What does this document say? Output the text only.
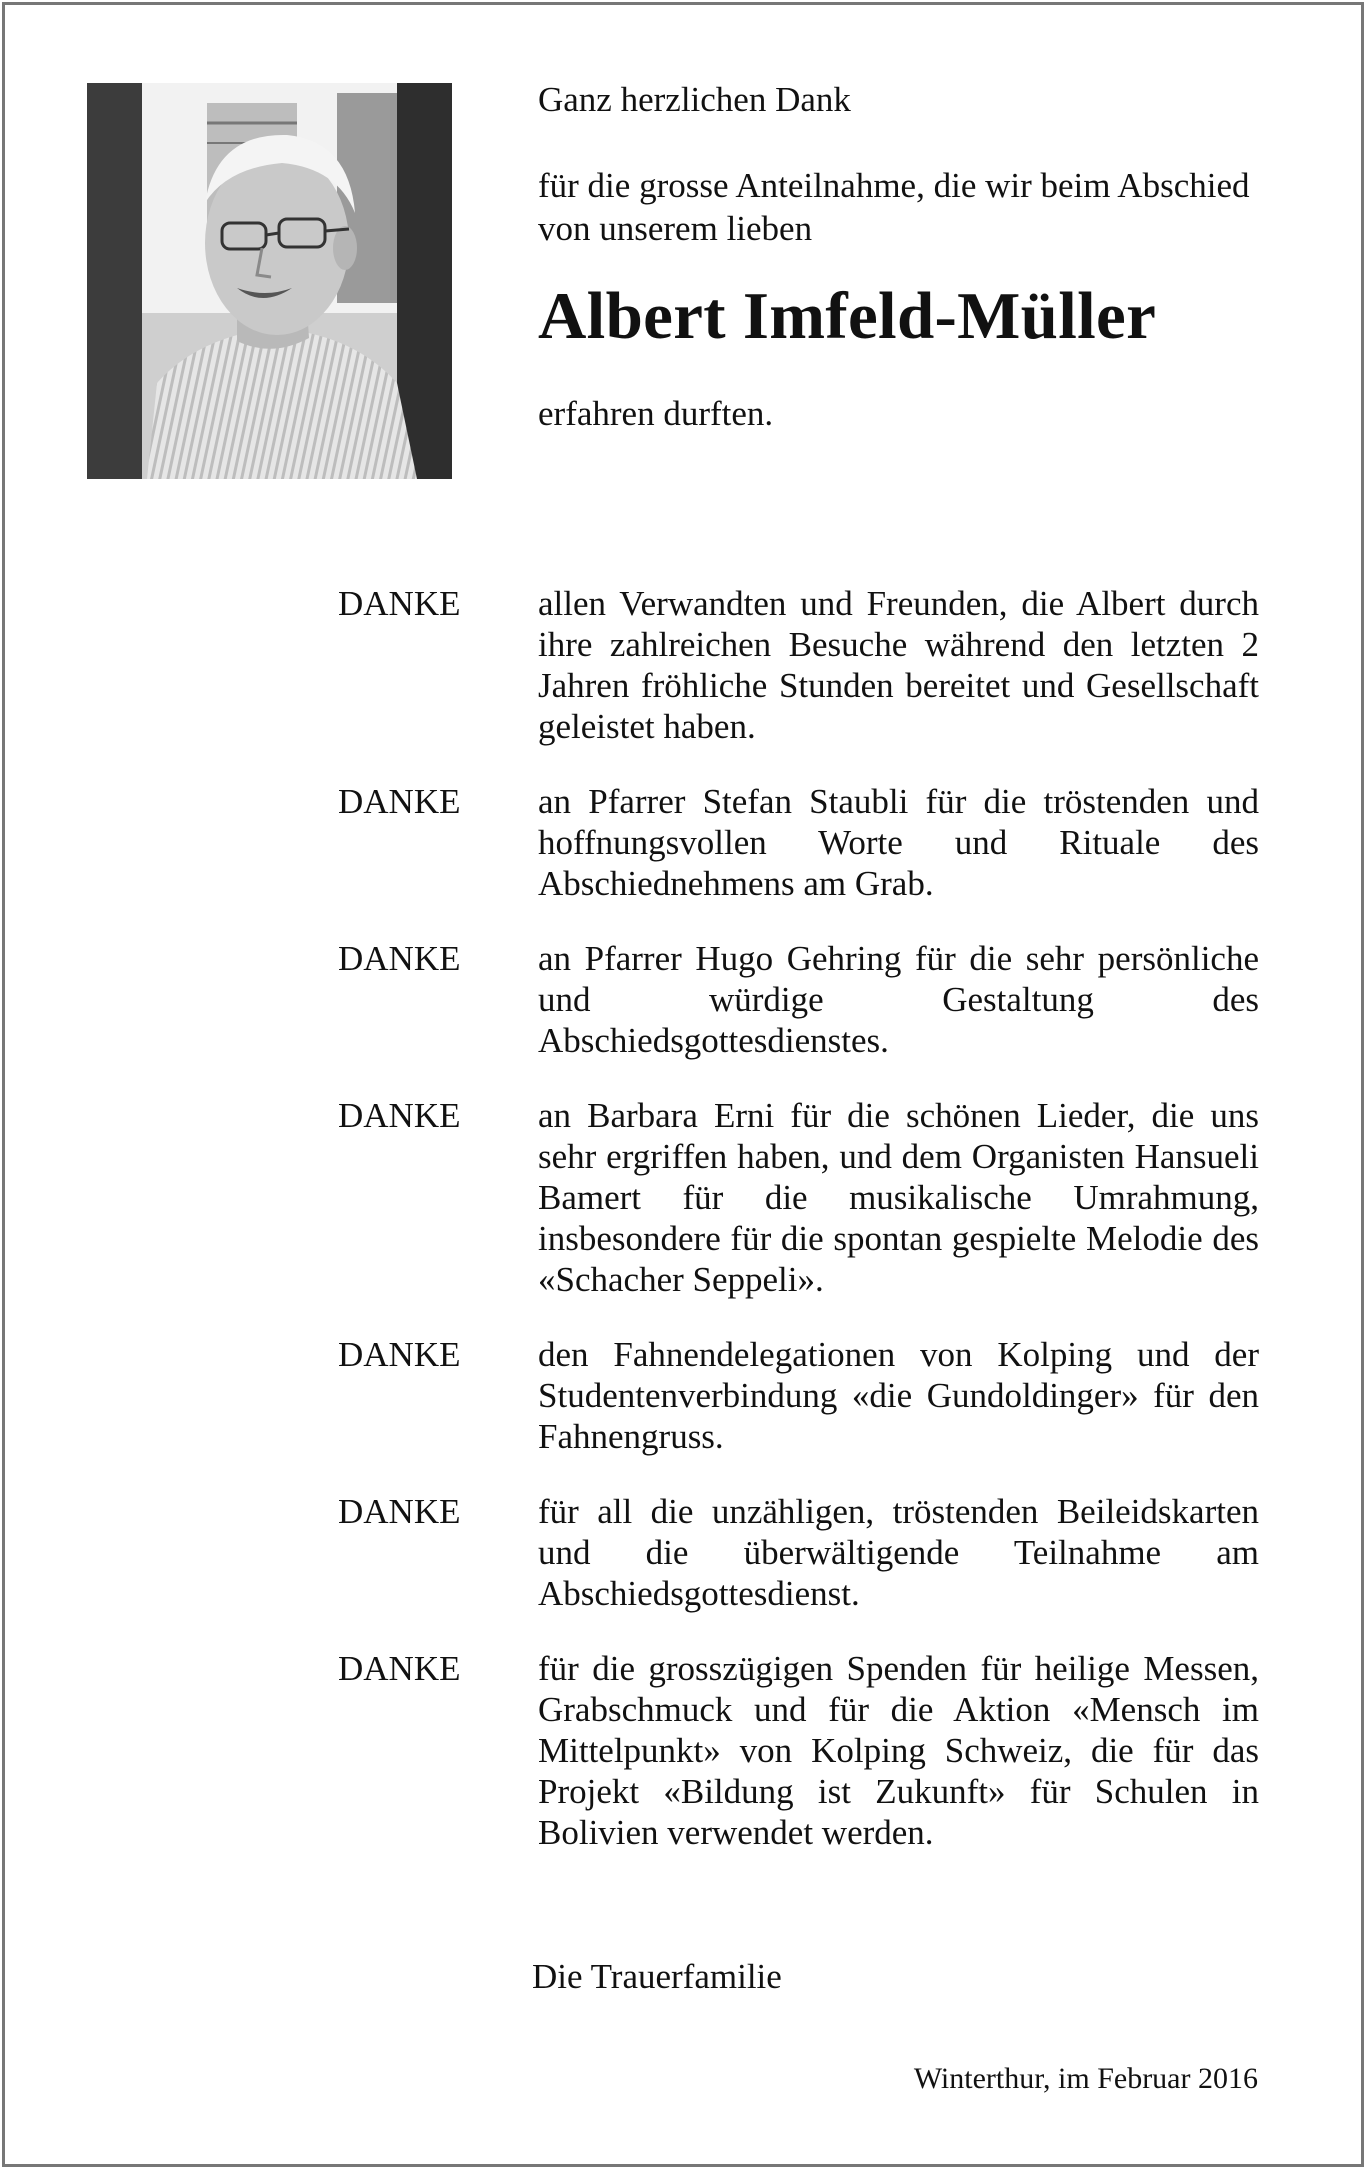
Ganz herzlichen Dank
für die grosse Anteilnahme, die wir beim Abschied von unserem lieben
Albert Imfeld-Müller
erfahren durften.
DANKE	allen Verwandten und Freunden, die Albert durch ihre zahlreichen Besuche während den letzten 2 Jahren fröhliche Stunden bereitet und Gesellschaft geleistet haben.
DANKE	an Pfarrer Stefan Staubli für die tröstenden und hoffnungsvollen Worte und Rituale des Abschiednehmens am Grab.
DANKE	an Pfarrer Hugo Gehring für die sehr persönliche und würdige Gestaltung des Abschiedsgottesdienstes.
DANKE	an Barbara Erni für die schönen Lieder, die uns sehr ergriffen haben, und dem Organisten Hansueli Bamert für die musikalische Umrahmung, insbesondere für die spontan gespielte Melodie des «Schacher Seppeli».
DANKE	den Fahnendelegationen von Kolping und der Studentenverbindung «die Gundoldinger» für den Fahnengruss.
DANKE	für all die unzähligen, tröstenden Beileidskarten und die überwältigende Teilnahme am Abschiedsgottesdienst.
DANKE	für die grosszügigen Spenden für heilige Messen, Grabschmuck und für die Aktion «Mensch im Mittelpunkt» von Kolping Schweiz, die für das Projekt «Bildung ist Zukunft» für Schulen in Bolivien verwendet werden.
Die Trauerfamilie
Winterthur, im Februar 2016
